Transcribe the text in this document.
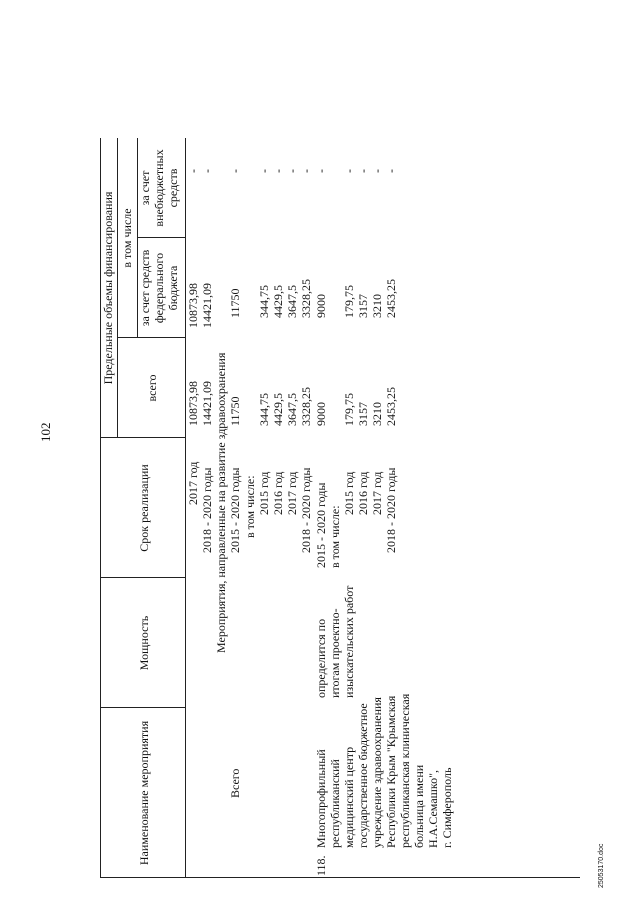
102
25053170.doc
Наименование мероприятия
Мощность
Срок реализации
Предельные объемы финансирования
всего
в том числе
за счет средств федерального бюджета
за счет внебюджетных средств
2017 год
10873,98
10873,98
-
2018 - 2020 годы
14421,09
14421,09
-
Мероприятия, направленные на развитие здравоохранения
Всего
2015 - 2020 годы
11750
11750
-
в том числе: 2015 год
344,75
344,75
-
2016 год
4429,5
4429,5
-
2017 год
3647,5
3647,5
-
2018 - 2020 годы
3328,25
3328,25
-
118.
Многопрофильный республиканский медицинский центр государственное бюджетное учреждение здравоохранения Республики Крым "Крымская республиканская клиническая больница имени Н.А.Семашко", г. Симферополь
определится по итогам проектно- изыскательских работ
2015 - 2020 годы
9000
9000
-
в том числе:
2015 год
179,75
179,75
-
2016 год
3157
3157
-
2017 год
3210
3210
-
2018 - 2020 годы
2453,25
2453,25
-
